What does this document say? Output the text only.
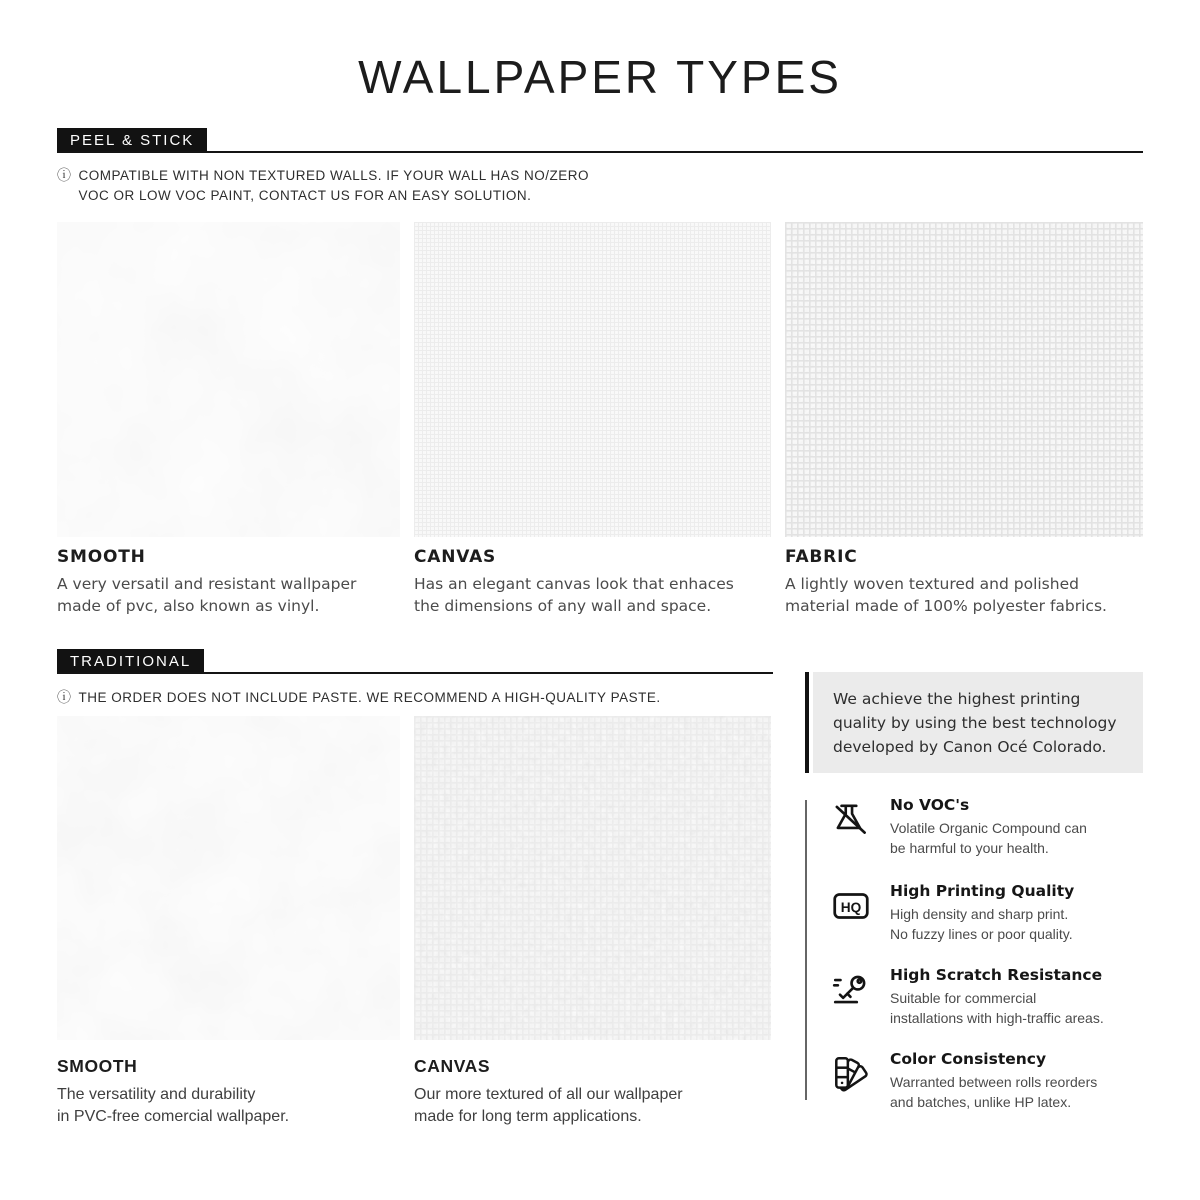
WALLPAPER TYPES
PEEL & STICK
ⓘ COMPATIBLE WITH NON TEXTURED WALLS. IF YOUR WALL HAS NO/ZERO
VOC OR LOW VOC PAINT, CONTACT US FOR AN EASY SOLUTION.
SMOOTH
A very versatil and resistant wallpaper
made of pvc, also known as vinyl.
CANVAS
Has an elegant canvas look that enhaces
the dimensions of any wall and space.
FABRIC
A lightly woven textured and polished
material made of 100% polyester fabrics.
TRADITIONAL
ⓘ THE ORDER DOES NOT INCLUDE PASTE. WE RECOMMEND A HIGH-QUALITY PASTE.
SMOOTH
The versatility and durability
in PVC-free comercial wallpaper.
CANVAS
Our more textured of all our wallpaper
made for long term applications.
We achieve the highest printing
quality by using the best technology
developed by Canon Océ Colorado.
No VOC's
Volatile Organic Compound can
be harmful to your health.
HQ
High Printing Quality
High density and sharp print.
No fuzzy lines or poor quality.
High Scratch Resistance
Suitable for commercial
installations with high-traffic areas.
Color Consistency
Warranted between rolls reorders
and batches, unlike HP latex.
